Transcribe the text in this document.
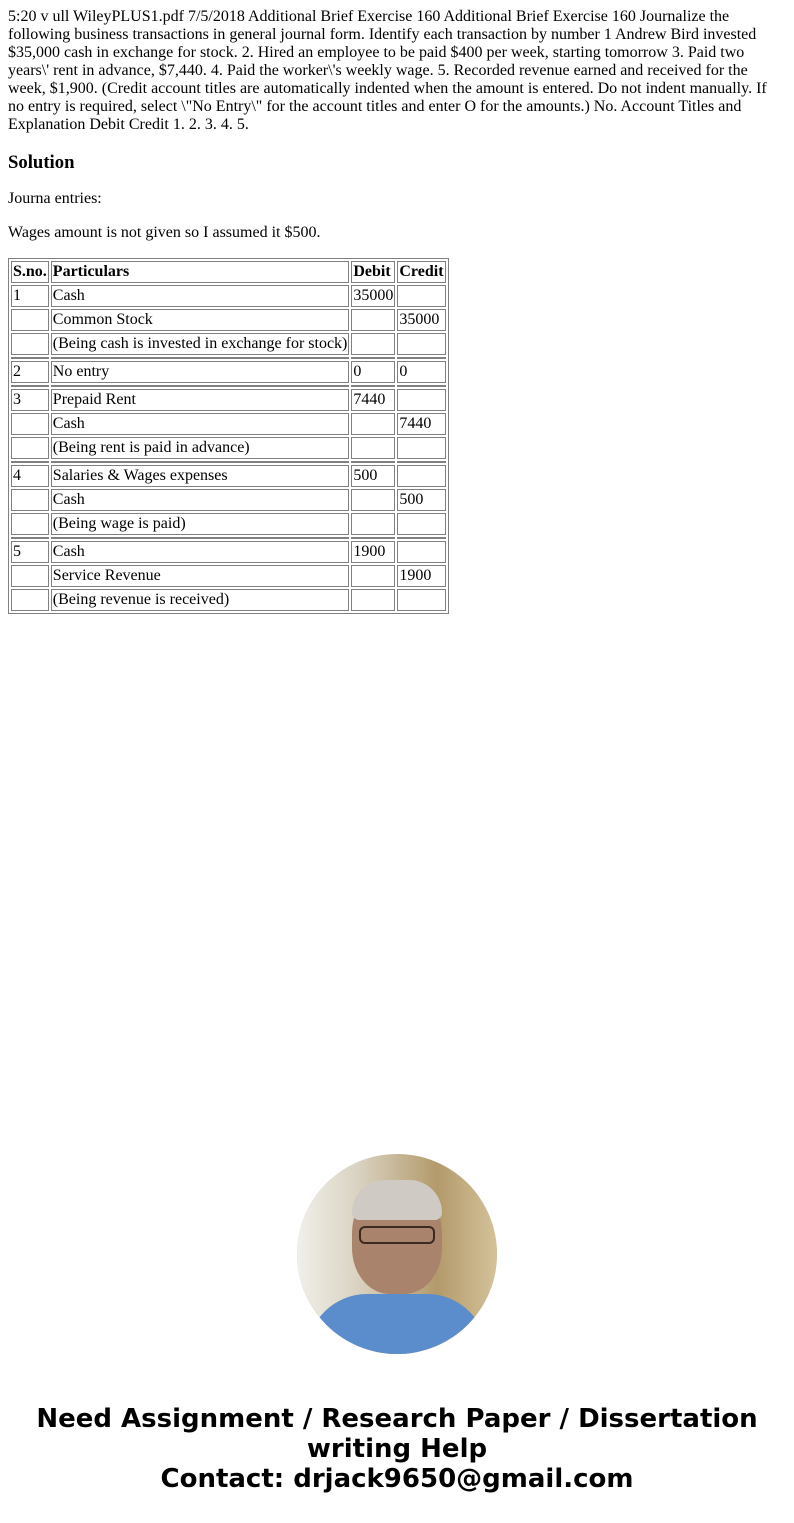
5:20 v ull WileyPLUS1.pdf 7/5/2018 Additional Brief Exercise 160 Additional Brief Exercise 160 Journalize the following business transactions in general journal form. Identify each transaction by number 1 Andrew Bird invested $35,000 cash in exchange for stock. 2. Hired an employee to be paid $400 per week, starting tomorrow 3. Paid two years\' rent in advance, $7,440. 4. Paid the worker\'s weekly wage. 5. Recorded revenue earned and received for the week, $1,900. (Credit account titles are automatically indented when the amount is entered. Do not indent manually. If no entry is required, select \"No Entry\" for the account titles and enter O for the amounts.) No. Account Titles and Explanation Debit Credit 1. 2. 3. 4. 5.

Solution

Journa entries:

Wages amount is not given so I assumed it $500.

S.no.	Particulars	Debit	Credit
1	Cash	35000	
	Common Stock		35000
	(Being cash is invested in exchange for stock)		

2	No entry	0	0

3	Prepaid Rent	7440	
	Cash		7440
	(Being rent is paid in advance)		

4	Salaries & Wages expenses	500	
	Cash		500
	(Being wage is paid)		

5	Cash	1900	
	Service Revenue		1900
	(Being revenue is received)		
Need Assignment / Research Paper / Dissertation
writing Help
Contact: drjack9650@gmail.com
